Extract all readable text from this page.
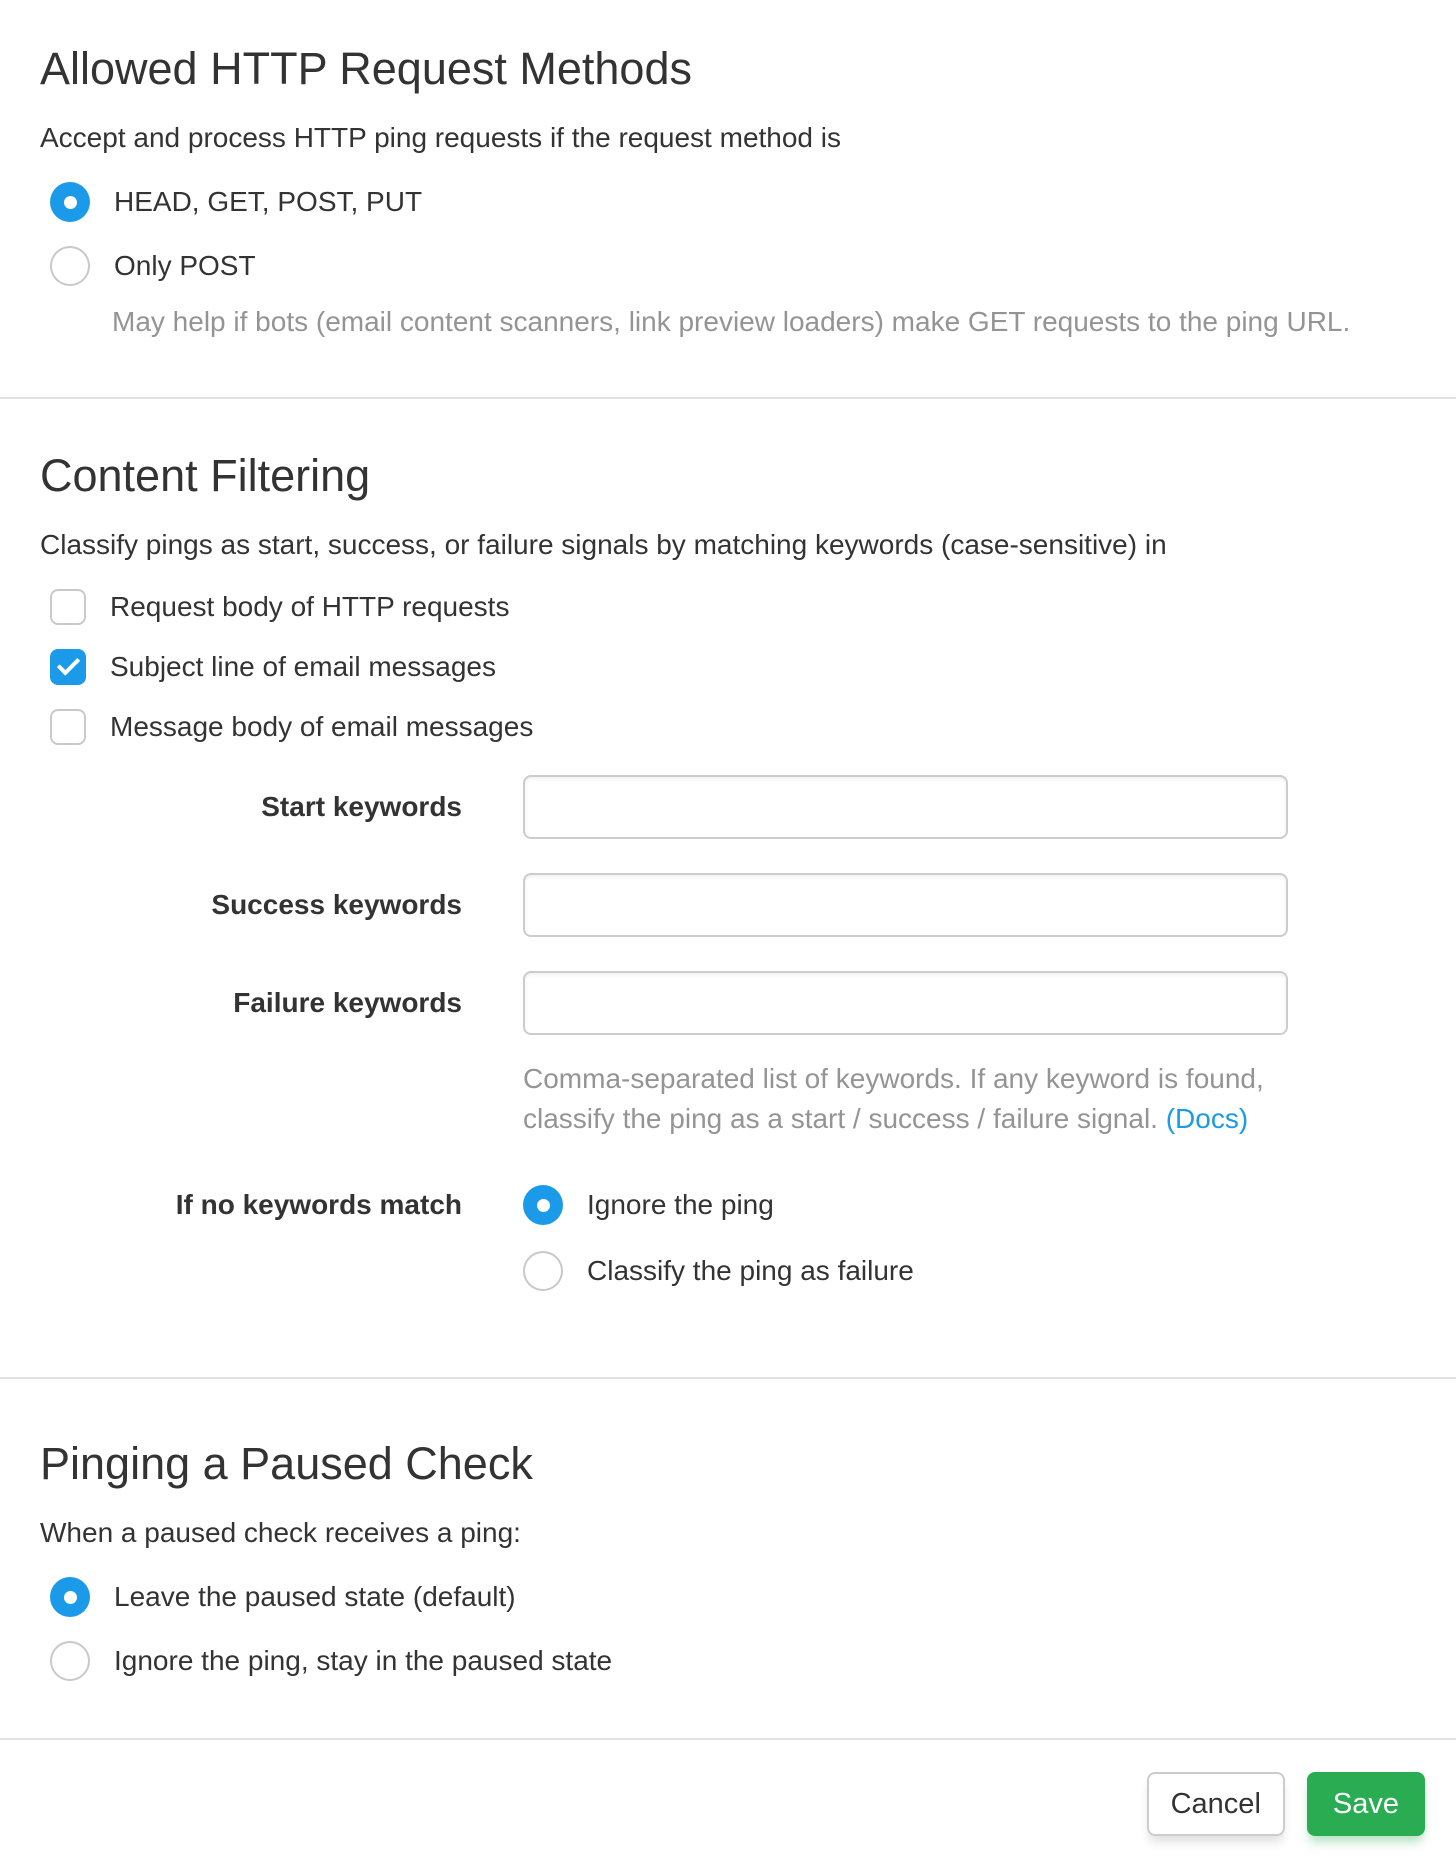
Allowed HTTP Request Methods

Accept and process HTTP ping requests if the request method is

HEAD, GET, POST, PUT
Only POST

May help if bots (email content scanners, link preview loaders) make GET requests to the ping URL.

Content Filtering

Classify pings as start, success, or failure signals by matching keywords (case-sensitive) in

Request body of HTTP requests
Subject line of email messages
Message body of email messages
Start keywords
Success keywords
Failure keywords

Comma-separated list of keywords. If any keyword is found, classify the ping as a start / success / failure signal. (Docs)

If no keywords match	Ignore the ping
Classify the ping as failure
Pinging a Paused Check

When a paused check receives a ping:

Leave the paused state (default)
Ignore the ping, stay in the paused state
Cancel	Save
